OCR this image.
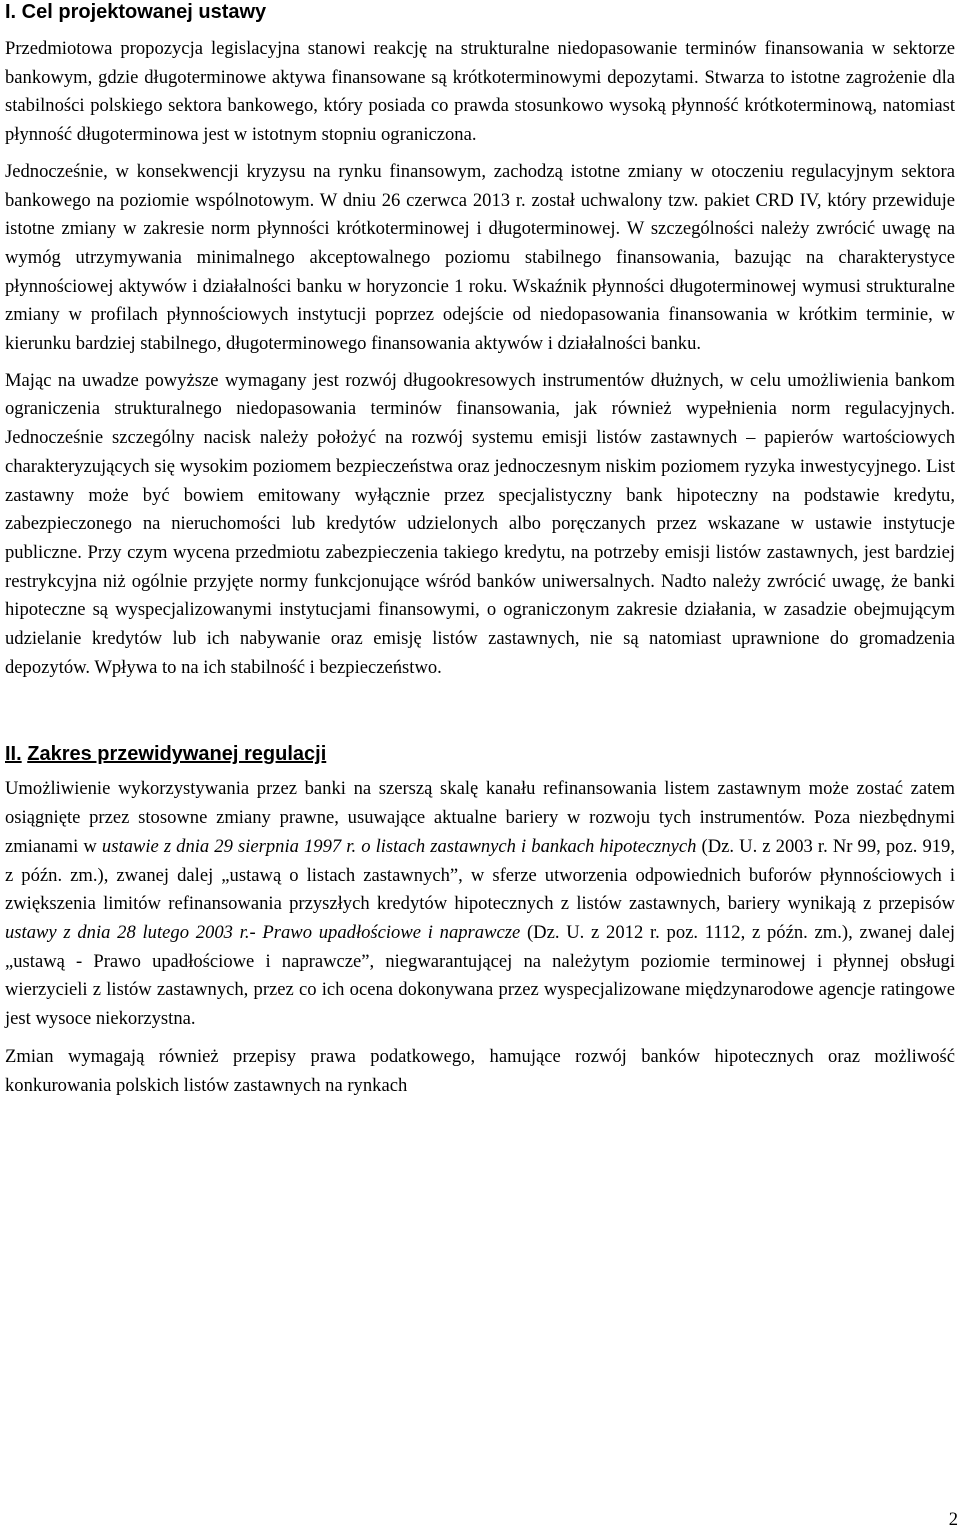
I. Cel projektowanej ustawy

Przedmiotowa propozycja legislacyjna stanowi reakcję na strukturalne niedopasowanie terminów finansowania w sektorze bankowym, gdzie długoterminowe aktywa finansowane są krótkoterminowymi depozytami. Stwarza to istotne zagrożenie dla stabilności polskiego sektora bankowego, który posiada co prawda stosunkowo wysoką płynność krótkoterminową, natomiast płynność długoterminowa jest w istotnym stopniu ograniczona.

Jednocześnie, w konsekwencji kryzysu na rynku finansowym, zachodzą istotne zmiany w otoczeniu regulacyjnym sektora bankowego na poziomie wspólnotowym. W dniu 26 czerwca 2013 r. został uchwalony tzw. pakiet CRD IV, który przewiduje istotne zmiany w zakresie norm płynności krótkoterminowej i długoterminowej. W szczególności należy zwrócić uwagę na wymóg utrzymywania minimalnego akceptowalnego poziomu stabilnego finansowania, bazując na charakterystyce płynnościowej aktywów i działalności banku w horyzoncie 1 roku. Wskaźnik płynności długoterminowej wymusi strukturalne zmiany w profilach płynnościowych instytucji poprzez odejście od niedopasowania finansowania w krótkim terminie, w kierunku bardziej stabilnego, długoterminowego finansowania aktywów i działalności banku.

Mając na uwadze powyższe wymagany jest rozwój długookresowych instrumentów dłużnych, w celu umożliwienia bankom ograniczenia strukturalnego niedopasowania terminów finansowania, jak również wypełnienia norm regulacyjnych. Jednocześnie szczególny nacisk należy położyć na rozwój systemu emisji listów zastawnych – papierów wartościowych charakteryzujących się wysokim poziomem bezpieczeństwa oraz jednoczesnym niskim poziomem ryzyka inwestycyjnego. List zastawny może być bowiem emitowany wyłącznie przez specjalistyczny bank hipoteczny na podstawie kredytu, zabezpieczonego na nieruchomości lub kredytów udzielonych albo poręczanych przez wskazane w ustawie instytucje publiczne. Przy czym wycena przedmiotu zabezpieczenia takiego kredytu, na potrzeby emisji listów zastawnych, jest bardziej restrykcyjna niż ogólnie przyjęte normy funkcjonujące wśród banków uniwersalnych. Nadto należy zwrócić uwagę, że banki hipoteczne są wyspecjalizowanymi instytucjami finansowymi, o ograniczonym zakresie działania, w zasadzie obejmującym udzielanie kredytów lub ich nabywanie oraz emisję listów zastawnych, nie są natomiast uprawnione do gromadzenia depozytów. Wpływa to na ich stabilność i bezpieczeństwo.

II. Zakres przewidywanej regulacji

Umożliwienie wykorzystywania przez banki na szerszą skalę kanału refinansowania listem zastawnym może zostać zatem osiągnięte przez stosowne zmiany prawne, usuwające aktualne bariery w rozwoju tych instrumentów. Poza niezbędnymi zmianami w ustawie z dnia 29 sierpnia 1997 r. o listach zastawnych i bankach hipotecznych (Dz. U. z 2003 r. Nr 99, poz. 919, z późn. zm.), zwanej dalej „ustawą o listach zastawnych”, w sferze utworzenia odpowiednich buforów płynnościowych i zwiększenia limitów refinansowania przyszłych kredytów hipotecznych z listów zastawnych, bariery wynikają z przepisów ustawy z dnia 28 lutego 2003 r.- Prawo upadłościowe i naprawcze (Dz. U. z 2012 r. poz. 1112, z późn. zm.), zwanej dalej „ustawą - Prawo upadłościowe i naprawcze”, niegwarantującej na należytym poziomie terminowej i płynnej obsługi wierzycieli z listów zastawnych, przez co ich ocena dokonywana przez wyspecjalizowane międzynarodowe agencje ratingowe jest wysoce niekorzystna.

Zmian wymagają również przepisy prawa podatkowego, hamujące rozwój banków hipotecznych oraz możliwość konkurowania polskich listów zastawnych na rynkach

2
